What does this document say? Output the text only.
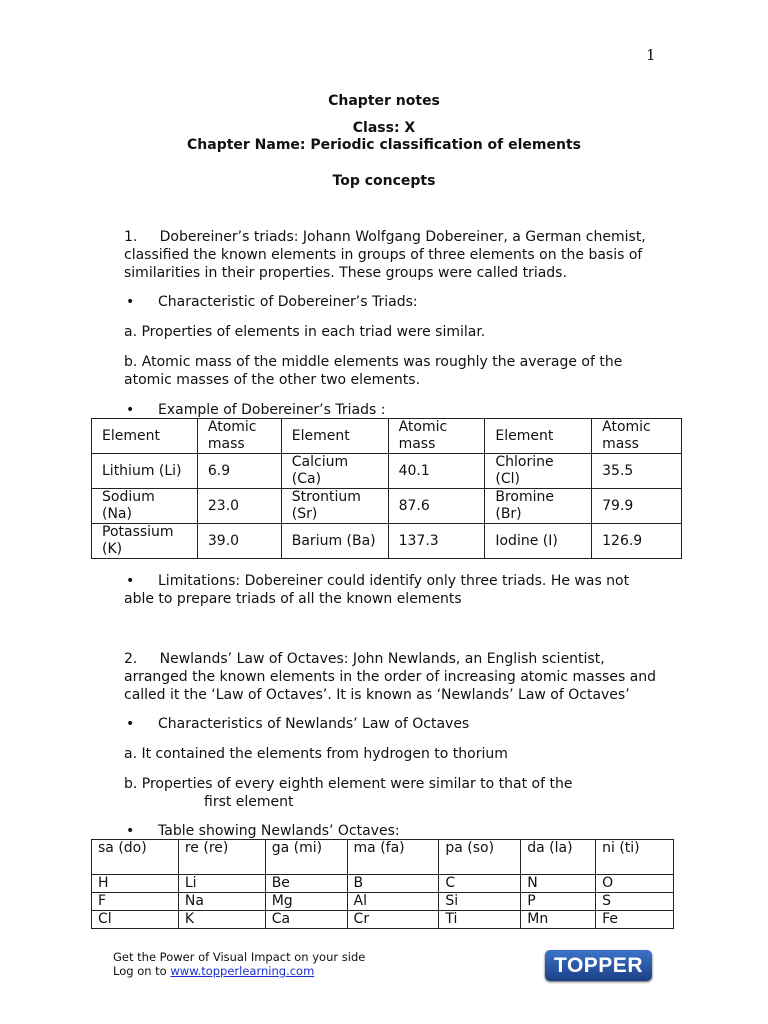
1
Chapter notes
Class: X
Chapter Name: Periodic classification of elements
Top concepts
1.     Dobereiner’s triads: Johann Wolfgang Dobereiner, a German chemist,
classified the known elements in groups of three elements on the basis of
similarities in their properties. These groups were called triads.
• Characteristic of Dobereiner’s Triads:
a. Properties of elements in each triad were similar.
b. Atomic mass of the middle elements was roughly the average of the
atomic masses of the other two elements.
• Example of Dobereiner’s Triads :
Element	Atomic mass	Element	Atomic mass	Element	Atomic mass
Lithium (Li)	6.9	Calcium (Ca)	40.1	Chlorine (Cl)	35.5
Sodium (Na)	23.0	Strontium (Sr)	87.6	Bromine (Br)	79.9
Potassium (K)	39.0	Barium (Ba)	137.3	Iodine (I)	126.9
• Limitations: Dobereiner could identify only three triads. He was not
able to prepare triads of all the known elements
2.     Newlands’ Law of Octaves: John Newlands, an English scientist,
arranged the known elements in the order of increasing atomic masses and
called it the ‘Law of Octaves’. It is known as ‘Newlands’ Law of Octaves’
• Characteristics of Newlands’ Law of Octaves
a. It contained the elements from hydrogen to thorium
b. Properties of every eighth element were similar to that of the
first element
• Table showing Newlands’ Octaves:
sa (do)	re (re)	ga (mi)	ma (fa)	pa (so)	da (la)	ni (ti)
H	Li	Be	B	C	N	O
F	Na	Mg	Al	Si	P	S
Cl	K	Ca	Cr	Ti	Mn	Fe
Get the Power of Visual Impact on your side
Log on to www.topperlearning.com	TOPPER
